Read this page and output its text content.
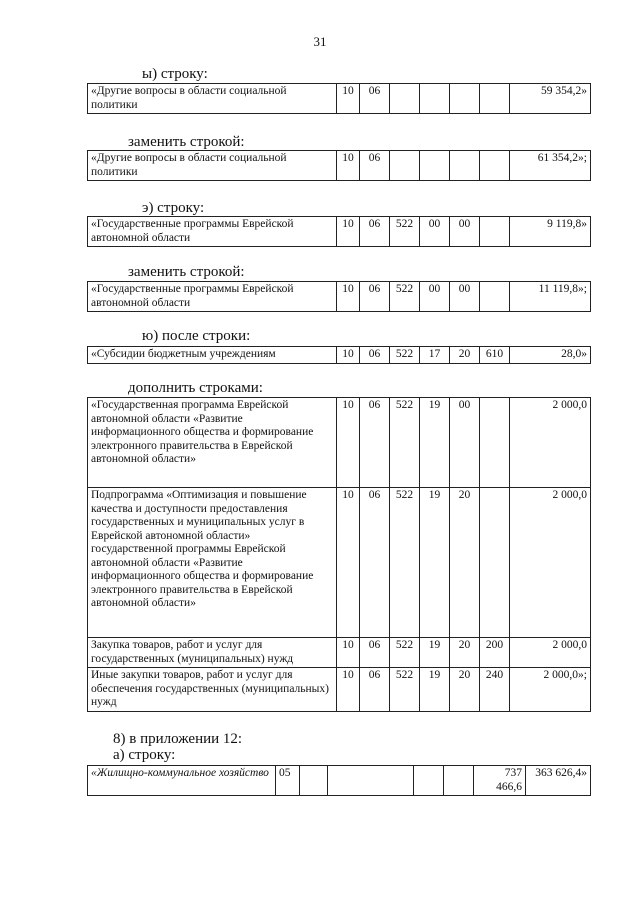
31
ы) строку:
«Другие вопросы в области социальной политики	10	06					59 354,2»
заменить строкой:
«Другие вопросы в области социальной политики	10	06					61 354,2»;
э) строку:
«Государственные программы Еврейской автономной области	10	06	522	00	00		9 119,8»
заменить строкой:
«Государственные программы Еврейской автономной области	10	06	522	00	00		11 119,8»;
ю) после строки:
«Субсидии бюджетным учреждениям	10	06	522	17	20	610	28,0»
дополнить строками:
«Государственная программа Еврейской автономной области «Развитие информационного общества и формирование электронного правительства в Еврейской автономной области»	10	06	522	19	00		2 000,0
Подпрограмма «Оптимизация и повышение качества и доступности предоставления государственных и муниципальных услуг в Еврейской автономной области» государственной программы Еврейской автономной области «Развитие информационного общества и формирование электронного правительства в Еврейской автономной области»	10	06	522	19	20		2 000,0
Закупка товаров, работ и услуг для государственных (муниципальных) нужд	10	06	522	19	20	200	2 000,0
Иные закупки товаров, работ и услуг для обеспечения государственных (муниципальных) нужд	10	06	522	19	20	240	2 000,0»;
8) в приложении 12:
а) строку:
«Жилищно-коммунальное хозяйство	05					737 466,6	363 626,4»
